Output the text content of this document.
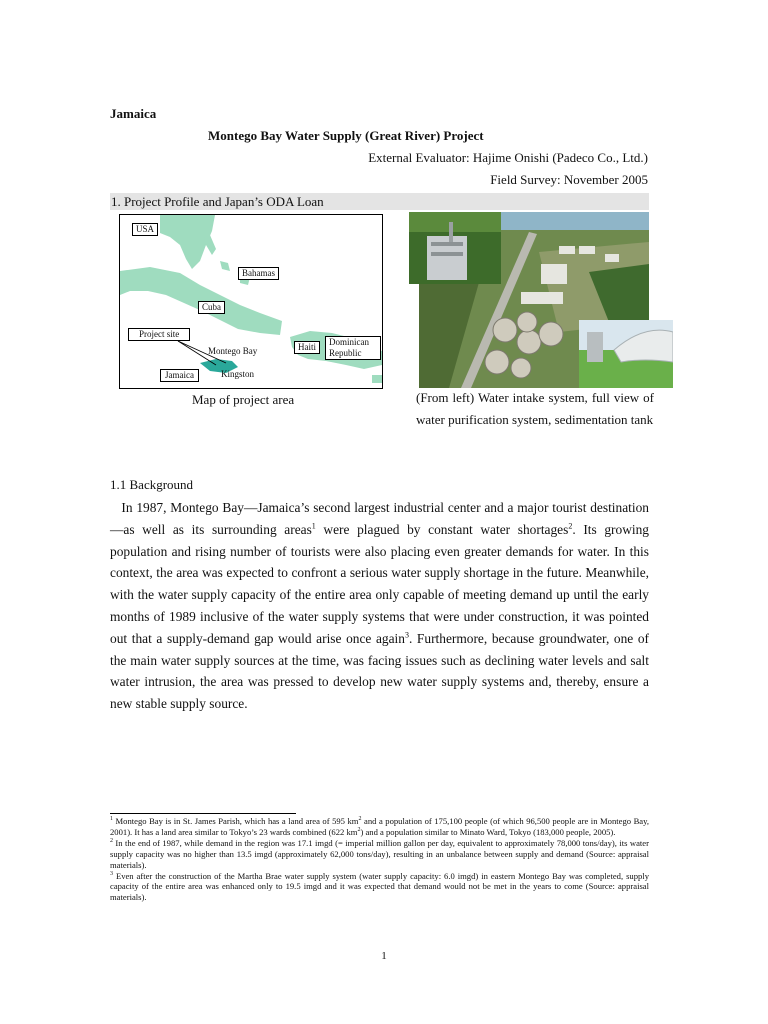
Jamaica
Montego Bay Water Supply (Great River) Project
External Evaluator: Hajime Onishi (Padeco Co., Ltd.)
Field Survey: November 2005
1. Project Profile and Japan’s ODA Loan
USA
Bahamas
Cuba
Project site
Montego Bay	Haiti	Dominican Republic
Jamaica	Kingston
Map of project area	(From left) Water intake system, full view of water purification system, sedimentation tank
1.1 Background
In 1987, Montego Bay—Jamaica’s second largest industrial center and a major tourist destination—as well as its surrounding areas$^1$ were plagued by constant water shortages$^2$. Its growing population and rising number of tourists were also placing even greater demands for water. In this context, the area was expected to confront a serious water supply shortage in the future. Meanwhile, with the water supply capacity of the entire area only capable of meeting demand up until the early months of 1989 inclusive of the water supply systems that were under construction, it was pointed out that a supply-demand gap would arise once again$^3$. Furthermore, because groundwater, one of the main water supply sources at the time, was facing issues such as declining water levels and salt water intrusion, the area was pressed to develop new water supply systems and, thereby, ensure a new stable supply source.

$^1$ Montego Bay is in St. James Parish, which has a land area of 595 $km^2$ and a population of 175,100 people (of which 96,500 people are in Montego Bay, 2001). It has a land area similar to Tokyo’s 23 wards combined (622 $km^2$) and a population similar to Minato Ward, Tokyo (183,000 people, 2005).

$^2$ In the end of 1987, while demand in the region was 17.1 imgd (= imperial million gallon per day, equivalent to approximately 78,000 tons/day), its water supply capacity was no higher than 13.5 imgd (approximately 62,000 tons/day), resulting in an unbalance between supply and demand (Source: appraisal materials).

$^3$ Even after the construction of the Martha Brae water supply system (water supply capacity: 6.0 imgd) in eastern Montego Bay was completed, supply capacity of the entire area was enhanced only to 19.5 imgd and it was expected that demand would not be met in the years to come (Source: appraisal materials).

1
